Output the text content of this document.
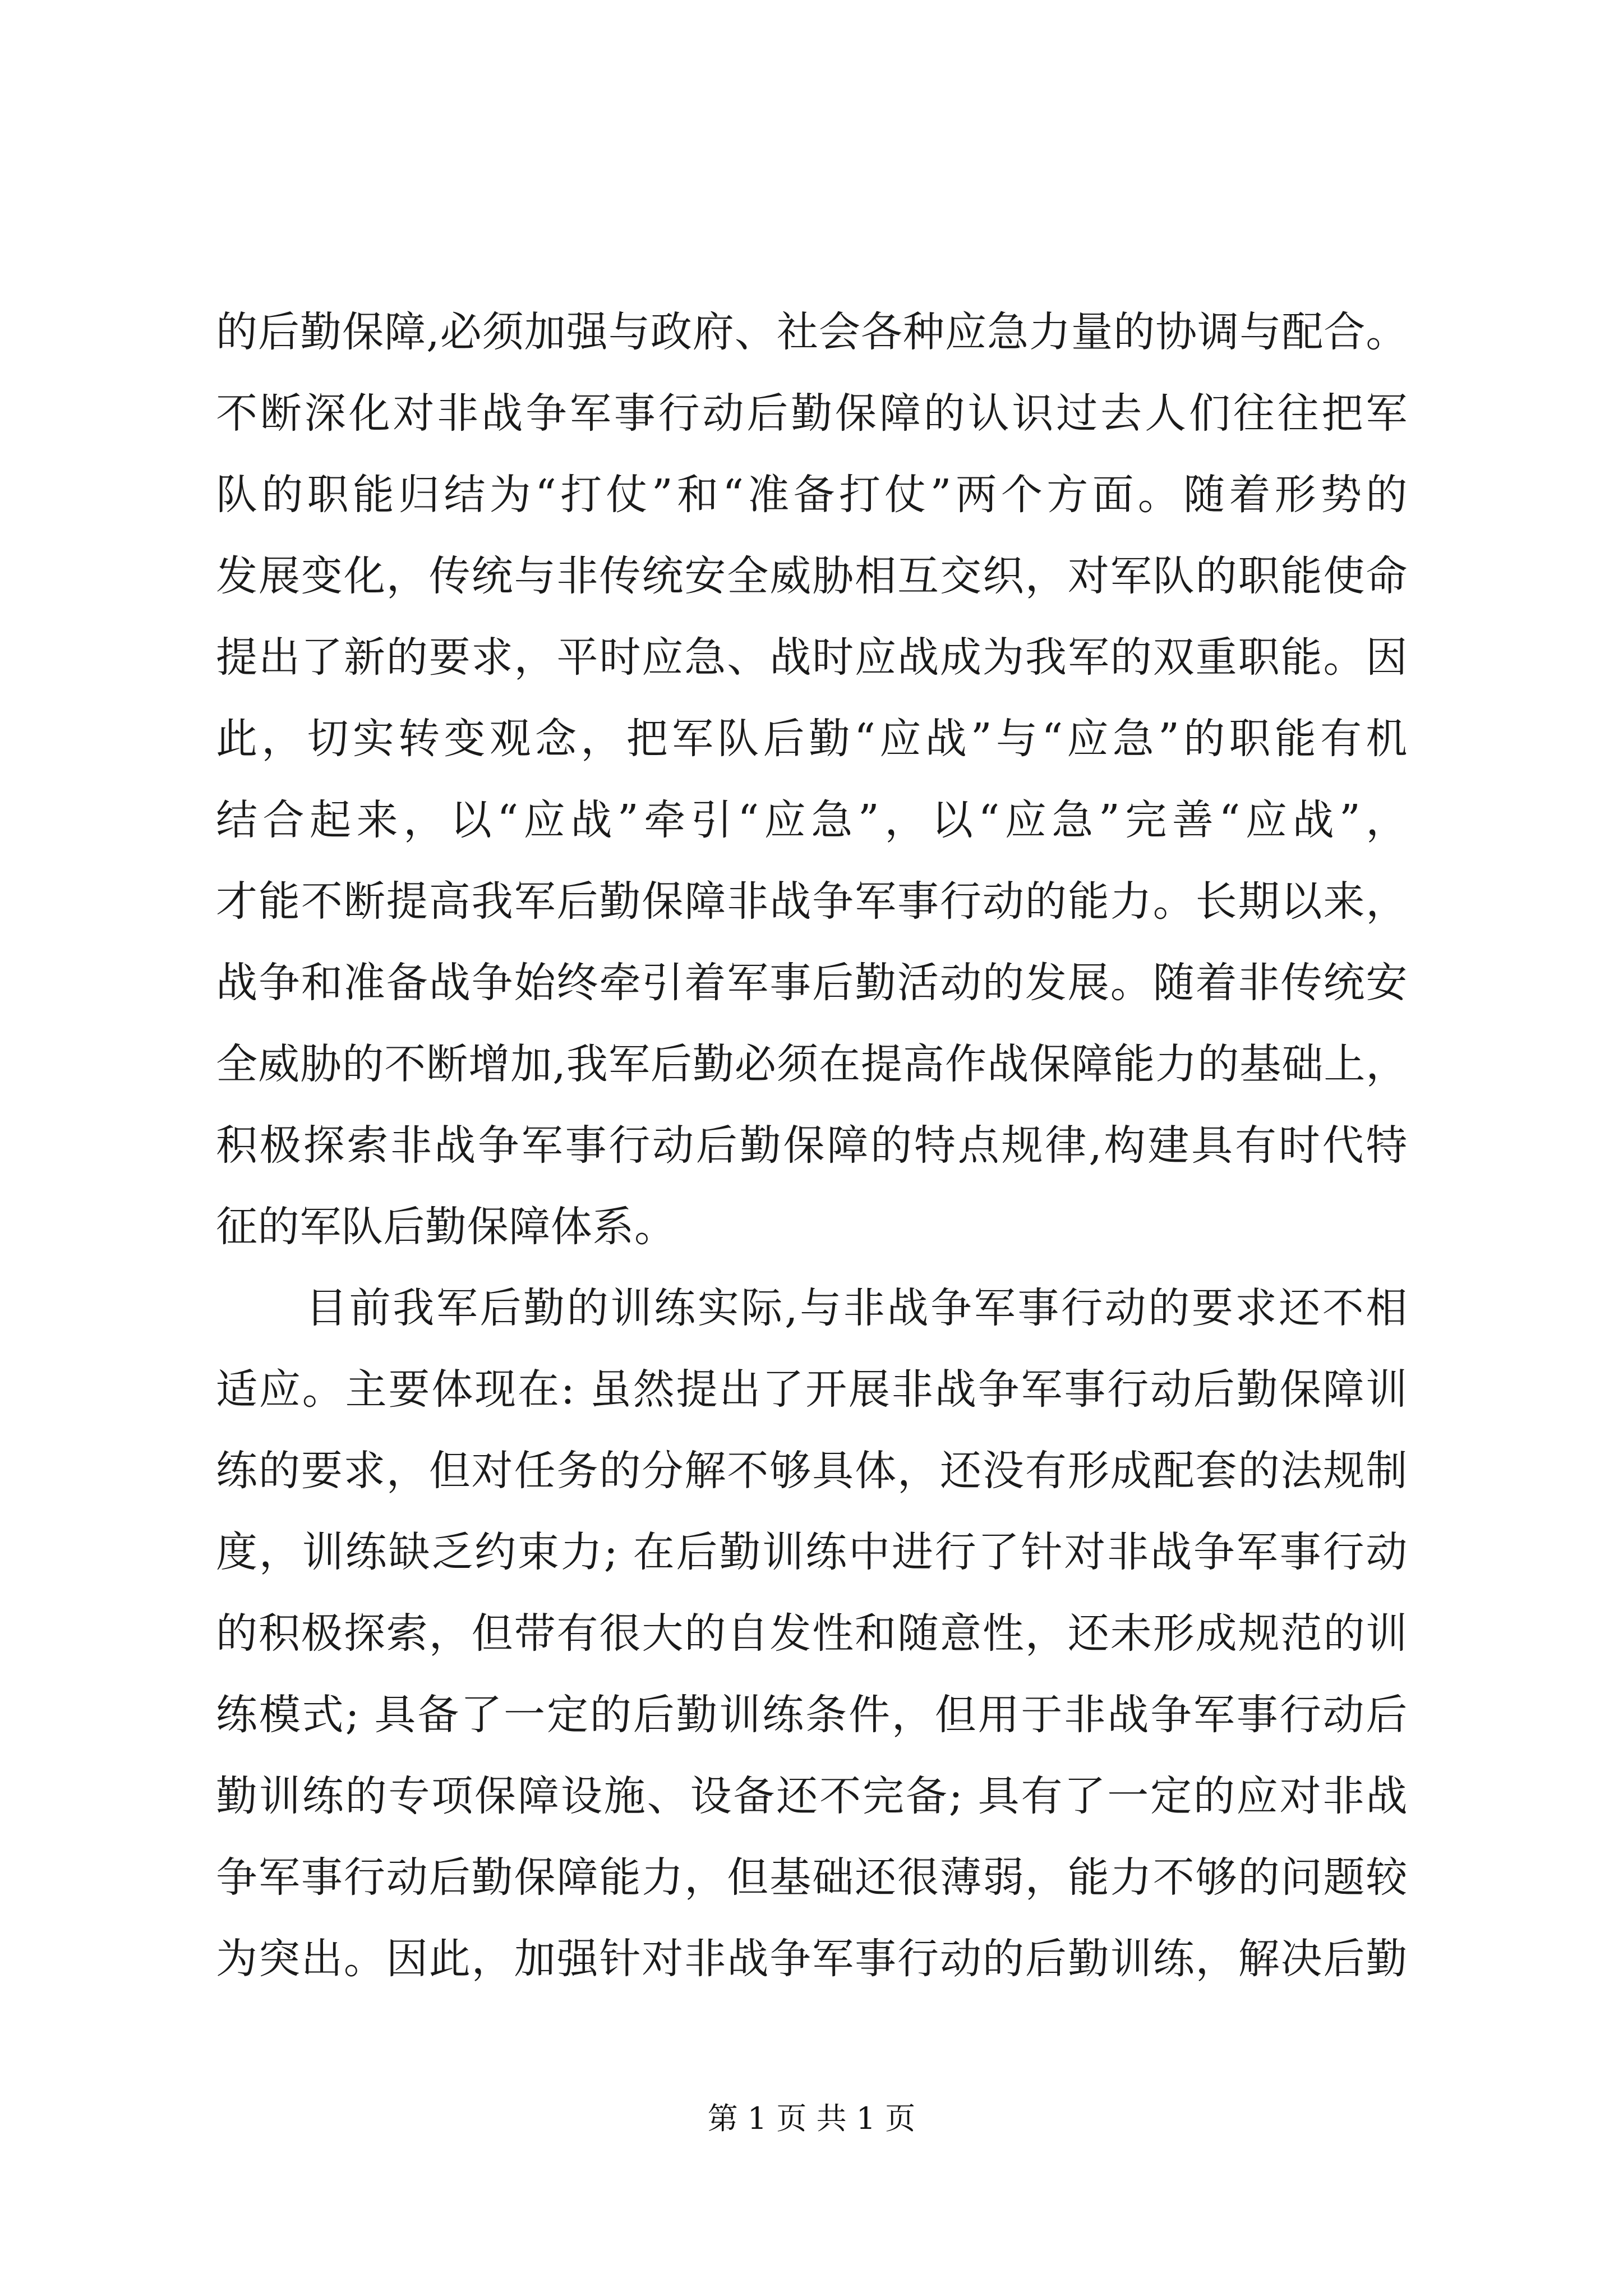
的后勤保障,必须加强与政府、社会各种应急力量的协调与配合。
不断深化对非战争军事行动后勤保障的认识过去人们往往把军
队的职能归结为“打仗”和“准备打仗”两个方面。随着形势的
发展变化，传统与非传统安全威胁相互交织，对军队的职能使命
提出了新的要求，平时应急、战时应战成为我军的双重职能。因
此，切实转变观念，把军队后勤“应战”与“应急”的职能有机
结合起来，以“应战”牵引“应急”，以“应急”完善“应战”，
才能不断提高我军后勤保障非战争军事行动的能力。长期以来，
战争和准备战争始终牵引着军事后勤活动的发展。随着非传统安
全威胁的不断增加,我军后勤必须在提高作战保障能力的基础上，
积极探索非战争军事行动后勤保障的特点规律,构建具有时代特
征的军队后勤保障体系。
目前我军后勤的训练实际,与非战争军事行动的要求还不相
适应。主要体现在: 虽然提出了开展非战争军事行动后勤保障训
练的要求，但对任务的分解不够具体，还没有形成配套的法规制
度，训练缺乏约束力; 在后勤训练中进行了针对非战争军事行动
的积极探索，但带有很大的自发性和随意性，还未形成规范的训
练模式; 具备了一定的后勤训练条件，但用于非战争军事行动后
勤训练的专项保障设施、设备还不完备; 具有了一定的应对非战
争军事行动后勤保障能力，但基础还很薄弱，能力不够的问题较
为突出。因此，加强针对非战争军事行动的后勤训练，解决后勤
第 1 页 共 1 页
